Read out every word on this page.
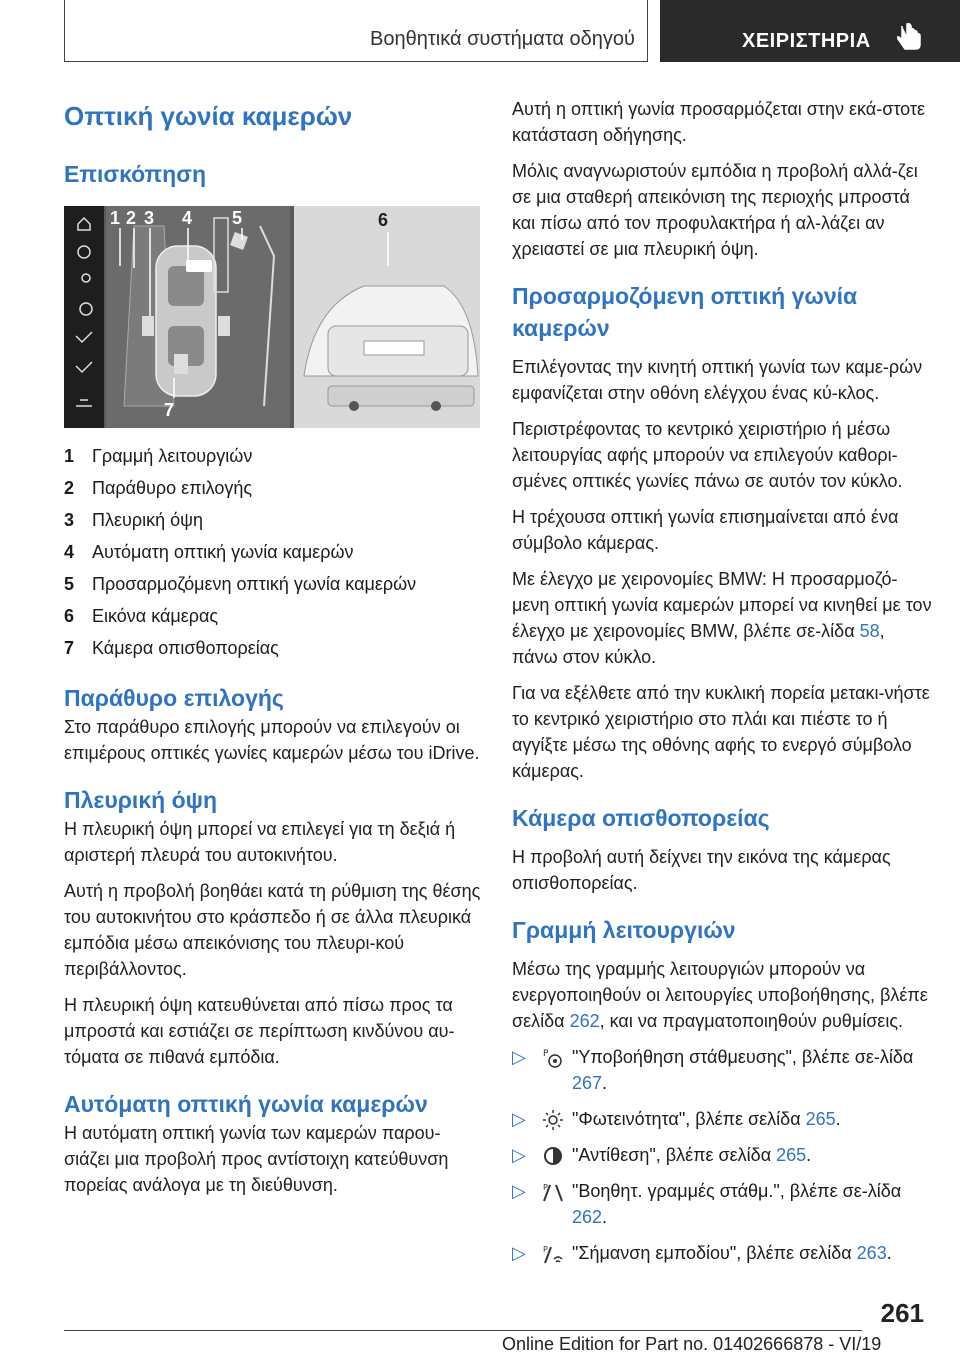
Βοηθητικά συστήματα οδηγού	ΧΕΙΡΙΣΤΗΡΙΑ
Οπτική γωνία καμερών
Επισκόπηση
1 2 3 4 5	6
7
1 Γραμμή λειτουργιών
2 Παράθυρο επιλογής
3 Πλευρική όψη
4 Αυτόματη οπτική γωνία καμερών
5 Προσαρμοζόμενη οπτική γωνία καμερών
6 Εικόνα κάμερας
7 Κάμερα οπισθοπορείας
Παράθυρο επιλογής

Στο παράθυρο επιλογής μπορούν να επιλεγούν οι επιμέρους οπτικές γωνίες καμερών μέσω του iDrive.

Πλευρική όψη

Η πλευρική όψη μπορεί να επιλεγεί για τη δεξιά ή αριστερή πλευρά του αυτοκινήτου.

Αυτή η προβολή βοηθάει κατά τη ρύθμιση της θέσης του αυτοκινήτου στο κράσπεδο ή σε άλλα πλευρικά εμπόδια μέσω απεικόνισης του πλευρι-κού περιβάλλοντος.

Η πλευρική όψη κατευθύνεται από πίσω προς τα μπροστά και εστιάζει σε περίπτωση κινδύνου αυ-τόματα σε πιθανά εμπόδια.

Αυτόματη οπτική γωνία καμερών

Η αυτόματη οπτική γωνία των καμερών παρου-σιάζει μια προβολή προς αντίστοιχη κατεύθυνση πορείας ανάλογα με τη διεύθυνση.

Αυτή η οπτική γωνία προσαρμόζεται στην εκά-στοτε κατάσταση οδήγησης.

Μόλις αναγνωριστούν εμπόδια η προβολή αλλά-ζει σε μια σταθερή απεικόνιση της περιοχής μπροστά και πίσω από τον προφυλακτήρα ή αλ-λάζει αν χρειαστεί σε μια πλευρική όψη.

Προσαρμοζόμενη οπτική γωνία καμερών

Επιλέγοντας την κινητή οπτική γωνία των καμε-ρών εμφανίζεται στην οθόνη ελέγχου ένας κύ-κλος.

Περιστρέφοντας το κεντρικό χειριστήριο ή μέσω λειτουργίας αφής μπορούν να επιλεγούν καθορι-σμένες οπτικές γωνίες πάνω σε αυτόν τον κύκλο.

Η τρέχουσα οπτική γωνία επισημαίνεται από ένα σύμβολο κάμερας.

Με έλεγχο με χειρονομίες BMW: Η προσαρμοζό-μενη οπτική γωνία καμερών μπορεί να κινηθεί με τον έλεγχο με χειρονομίες BMW, βλέπε σε-λίδα 58, πάνω στον κύκλο.

Για να εξέλθετε από την κυκλική πορεία μετακι-νήστε το κεντρικό χειριστήριο στο πλάι και πιέστε το ή αγγίξτε μέσω της οθόνης αφής το ενεργό σύμβολο κάμερας.

Κάμερα οπισθοπορείας

Η προβολή αυτή δείχνει την εικόνα της κάμερας οπισθοπορείας.

Γραμμή λειτουργιών

Μέσω της γραμμής λειτουργιών μπορούν να ενεργοποιηθούν οι λειτουργίες υποβοήθησης, βλέπε σελίδα 262, και να πραγματοποιηθούν ρυθμίσεις.

▷	P "Υποβοήθηση στάθμευσης", βλέπε σε-λίδα 267.
▷	"Φωτεινότητα", βλέπε σελίδα 265.
▷	"Αντίθεση", βλέπε σελίδα 265.
▷	P "Βοηθητ. γραμμές στάθμ.", βλέπε σε-λίδα 262.
▷	P "Σήμανση εμποδίου", βλέπε σελίδα 263.
261
Online Edition for Part no. 01402666878 - VI/19
